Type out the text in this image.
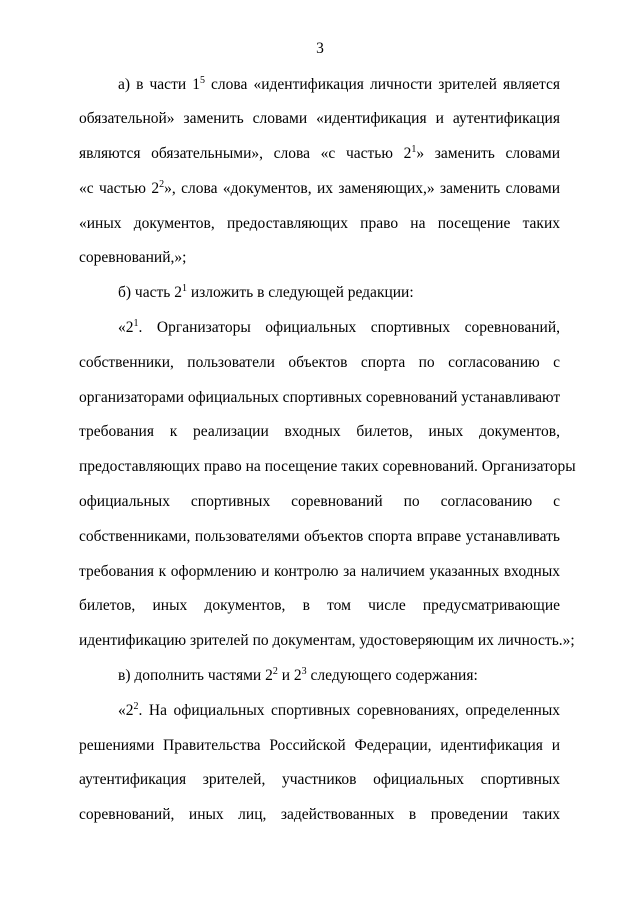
3
а) в части $1^5$ слова «идентификация личности зрителей является
обязательной» заменить словами «идентификация и аутентификация
являются обязательными», слова «с частью $2^1$» заменить словами
«с частью $2^2$», слова «документов, их заменяющих,» заменить словами
«иных документов, предоставляющих право на посещение таких
соревнований,»;
б) часть $2^1$ изложить в следующей редакции:
«$2^1$. Организаторы официальных спортивных соревнований,
собственники, пользователи объектов спорта по согласованию с
организаторами официальных спортивных соревнований устанавливают
требования к реализации входных билетов, иных документов,
предоставляющих право на посещение таких соревнований. Организаторы
официальных спортивных соревнований по согласованию с
собственниками, пользователями объектов спорта вправе устанавливать
требования к оформлению и контролю за наличием указанных входных
билетов, иных документов, в том числе предусматривающие
идентификацию зрителей по документам, удостоверяющим их личность.»;
в) дополнить частями $2^2$ и $2^3$ следующего содержания:
«$2^2$. На официальных спортивных соревнованиях, определенных
решениями Правительства Российской Федерации, идентификация и
аутентификация зрителей, участников официальных спортивных
соревнований, иных лиц, задействованных в проведении таких
